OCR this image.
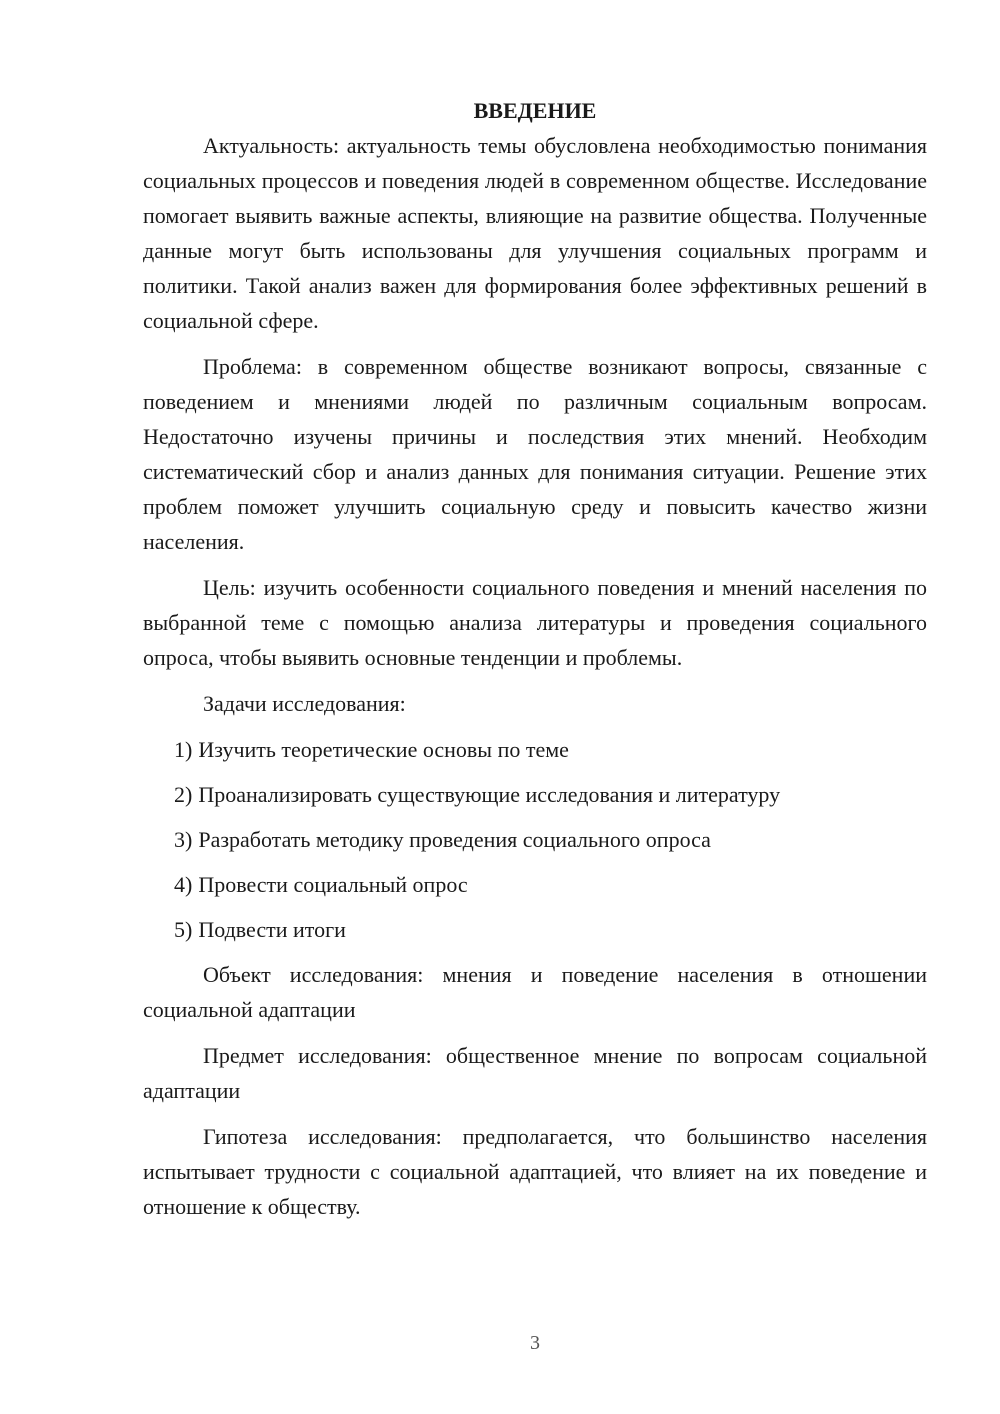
ВВЕДЕНИЕ

Актуальность: актуальность темы обусловлена необходимостью понимания социальных процессов и поведения людей в современном обществе. Исследование помогает выявить важные аспекты, влияющие на развитие общества. Полученные данные могут быть использованы для улучшения социальных программ и политики. Такой анализ важен для формирования более эффективных решений в социальной сфере.

Проблема: в современном обществе возникают вопросы, связанные с поведением и мнениями людей по различным социальным вопросам. Недостаточно изучены причины и последствия этих мнений. Необходим систематический сбор и анализ данных для понимания ситуации. Решение этих проблем поможет улучшить социальную среду и повысить качество жизни населения.

Цель: изучить особенности социального поведения и мнений населения по выбранной теме с помощью анализа литературы и проведения социального опроса, чтобы выявить основные тенденции и проблемы.

Задачи исследования:

1) Изучить теоретические основы по теме
2) Проанализировать существующие исследования и литературу
3) Разработать методику проведения социального опроса
4) Провести социальный опрос
5) Подвести итоги

Объект исследования: мнения и поведение населения в отношении социальной адаптации

Предмет исследования: общественное мнение по вопросам социальной адаптации

Гипотеза исследования: предполагается, что большинство населения испытывает трудности с социальной адаптацией, что влияет на их поведение и отношение к обществу.

3
